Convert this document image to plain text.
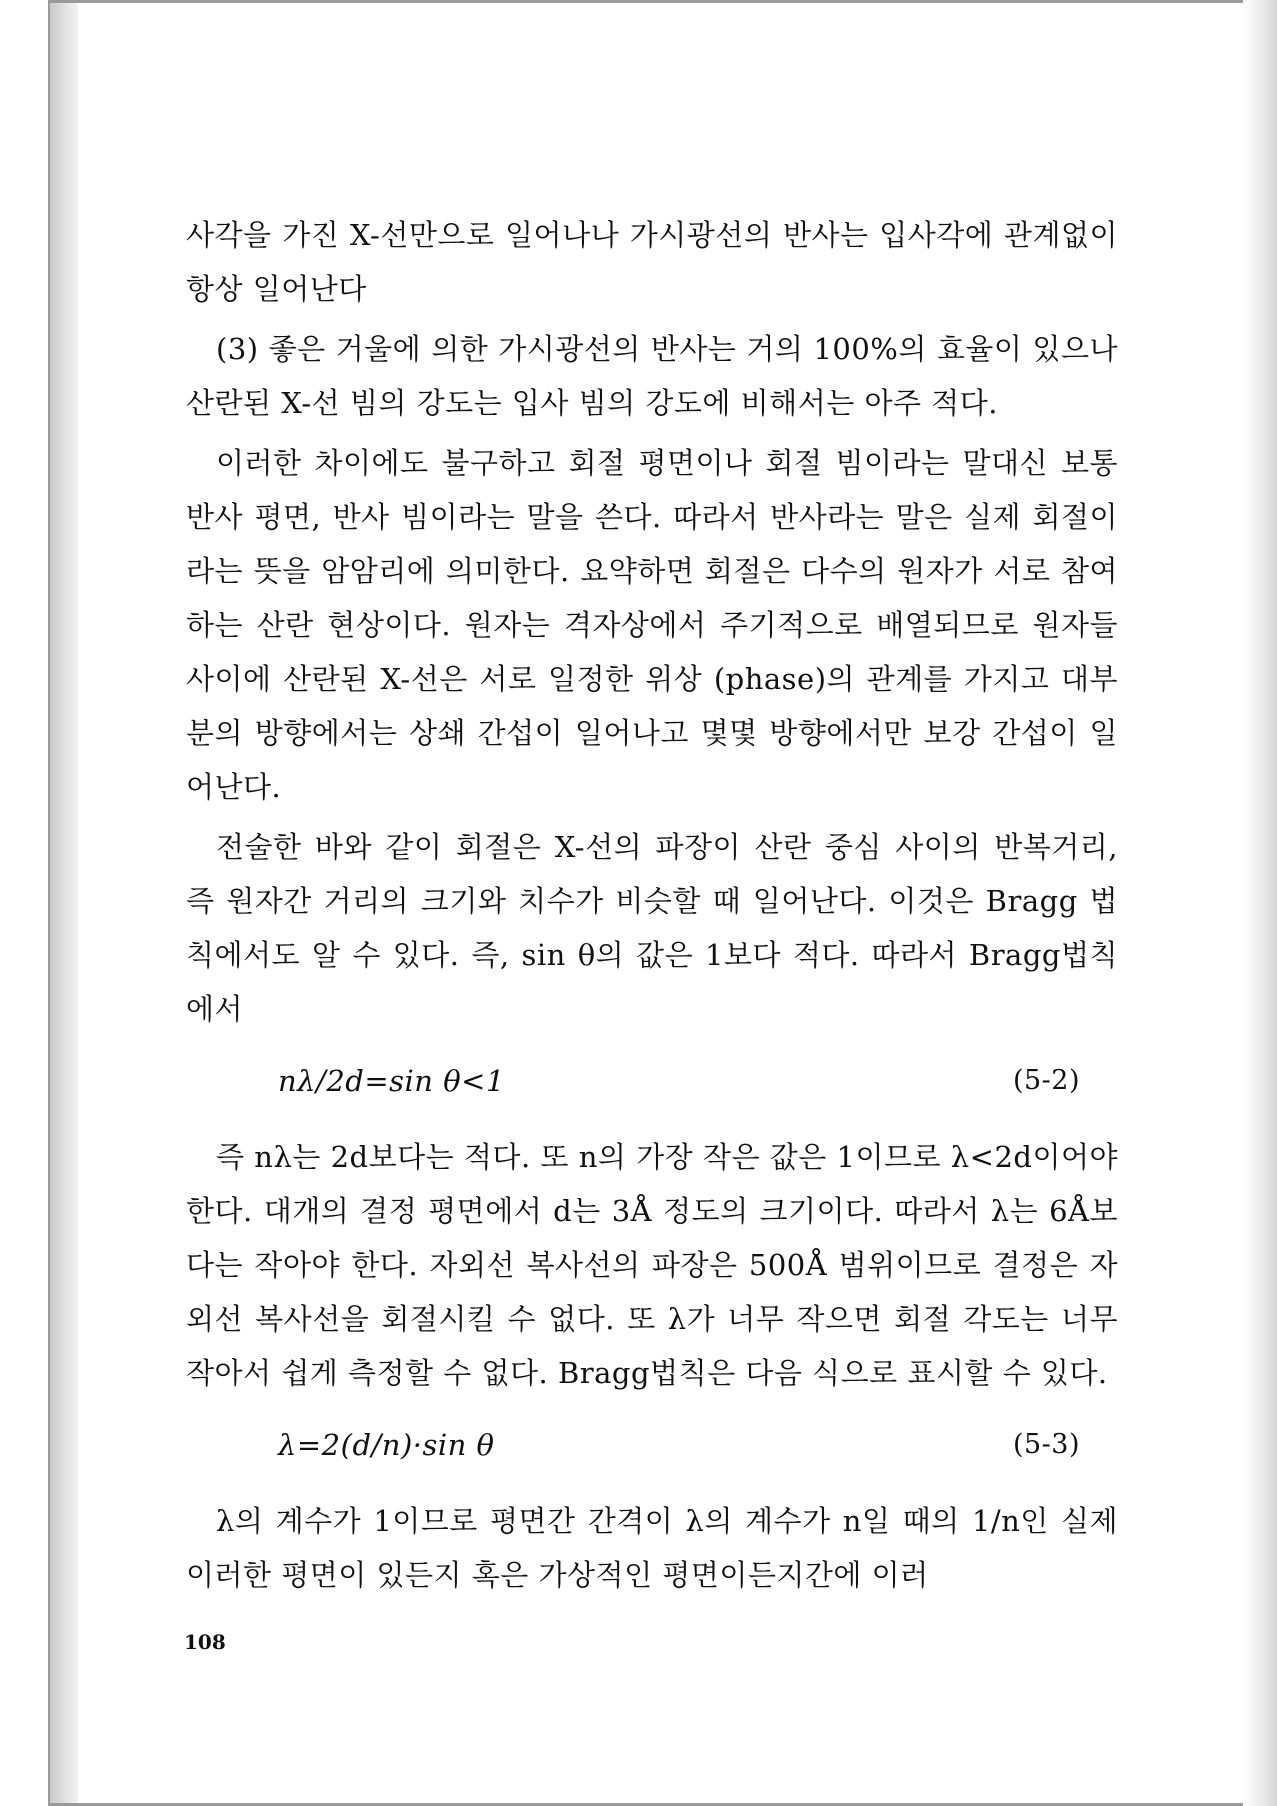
사각을 가진 X-선만으로 일어나나 가시광선의 반사는 입사각에 관계없이 항상 일어난다

(3) 좋은 거울에 의한 가시광선의 반사는 거의 100%의 효율이 있으나 산란된 X-선 빔의 강도는 입사 빔의 강도에 비해서는 아주 적다.

이러한 차이에도 불구하고 회절 평면이나 회절 빔이라는 말대신 보통 반사 평면, 반사 빔이라는 말을 쓴다. 따라서 반사라는 말은 실제 회절이라는 뜻을 암암리에 의미한다. 요약하면 회절은 다수의 원자가 서로 참여하는 산란 현상이다. 원자는 격자상에서 주기적으로 배열되므로 원자들 사이에 산란된 X-선은 서로 일정한 위상 (phase)의 관계를 가지고 대부분의 방향에서는 상쇄 간섭이 일어나고 몇몇 방향에서만 보강 간섭이 일어난다.

전술한 바와 같이 회절은 X-선의 파장이 산란 중심 사이의 반복거리, 즉 원자간 거리의 크기와 치수가 비슷할 때 일어난다. 이것은 Bragg 법칙에서도 알 수 있다. 즉, sin θ의 값은 1보다 적다. 따라서 Bragg법칙에서

nλ/2d=sin θ<1	(5-2)

즉 nλ는 2d보다는 적다. 또 n의 가장 작은 값은 1이므로 λ<2d이어야 한다. 대개의 결정 평면에서 d는 3Å 정도의 크기이다. 따라서 λ는 6Å보다는 작아야 한다. 자외선 복사선의 파장은 500Å 범위이므로 결정은 자외선 복사선을 회절시킬 수 없다. 또 λ가 너무 작으면 회절 각도는 너무 작아서 쉽게 측정할 수 없다. Bragg법칙은 다음 식으로 표시할 수 있다.

λ=2(d/n)·sin θ	(5-3)

λ의 계수가 1이므로 평면간 간격이 λ의 계수가 n일 때의 1/n인 실제 이러한 평면이 있든지 혹은 가상적인 평면이든지간에 이러

108
